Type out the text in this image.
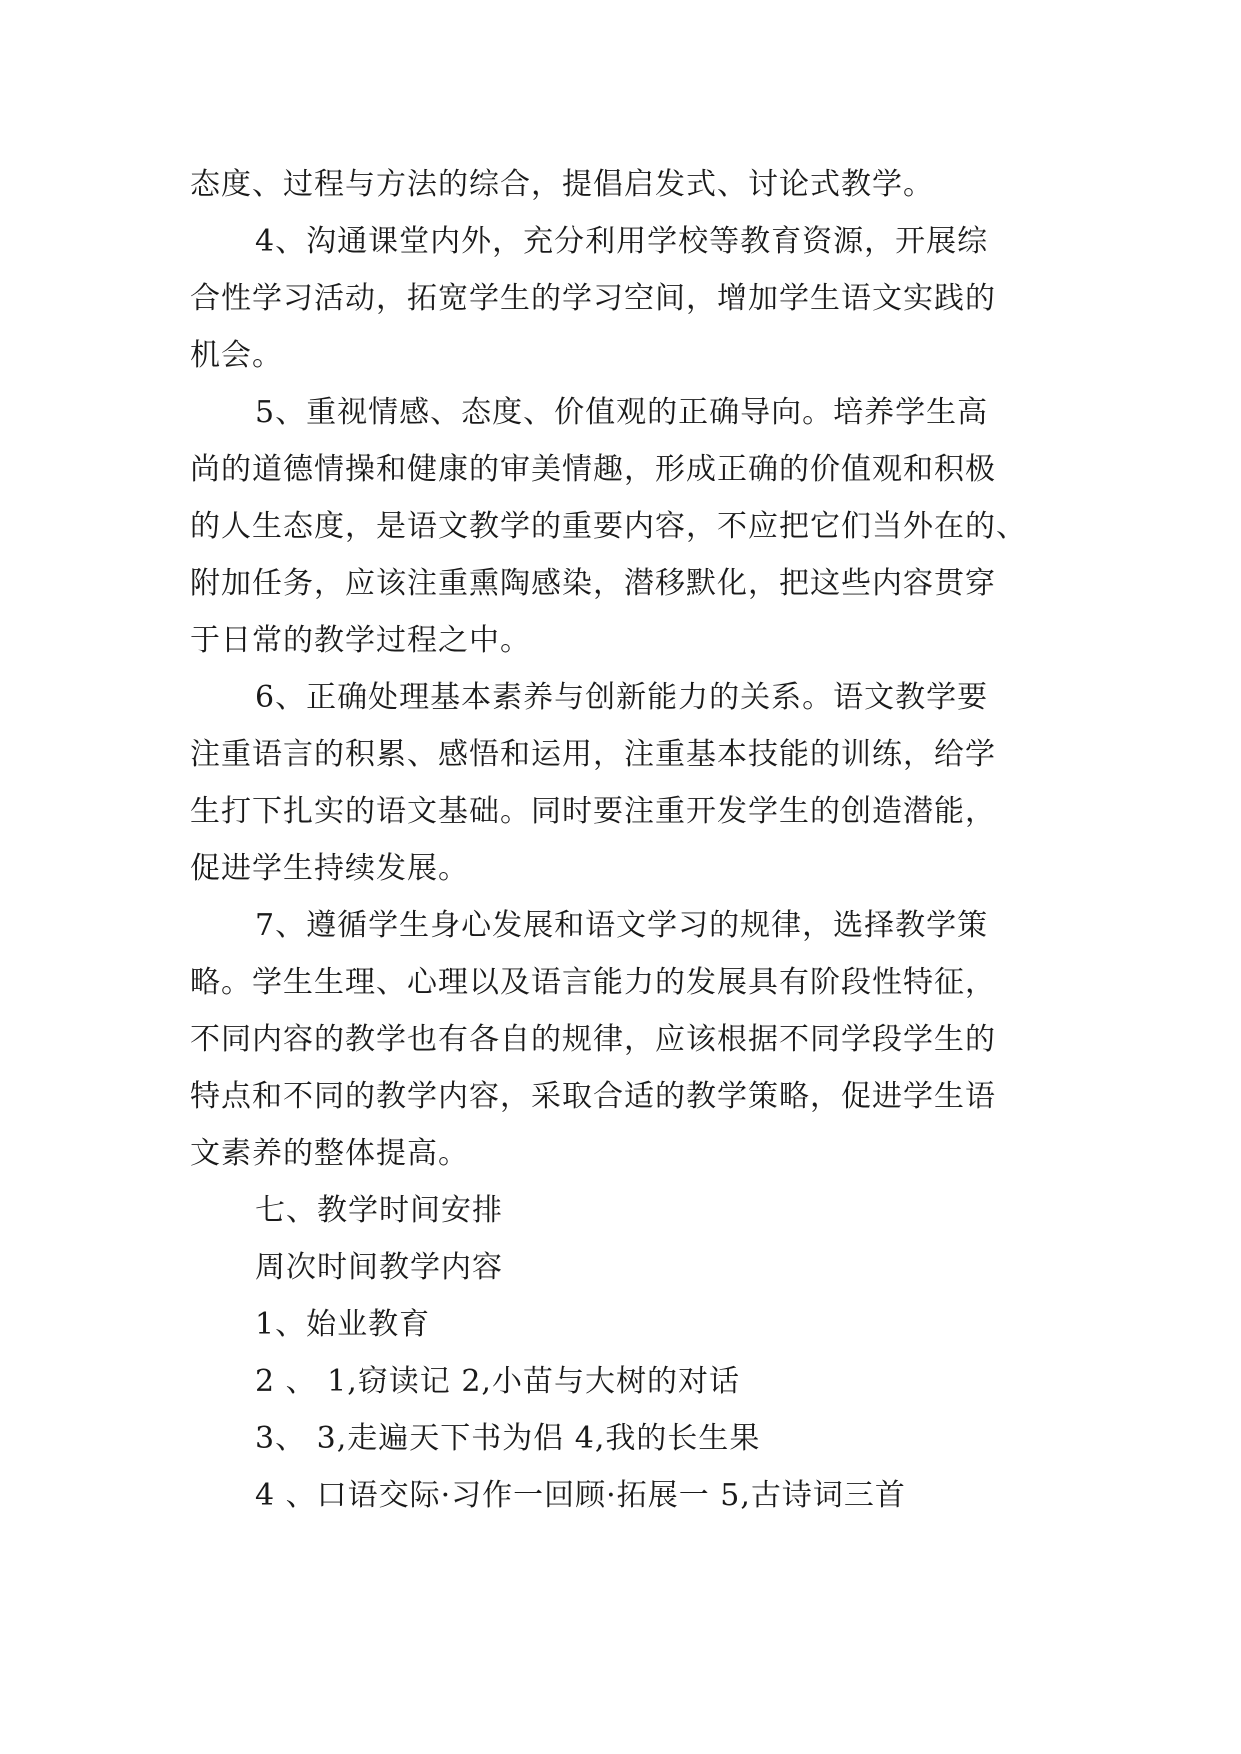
态度、过程与方法的综合，提倡启发式、讨论式教学。
4、沟通课堂内外，充分利用学校等教育资源，开展综
合性学习活动，拓宽学生的学习空间，增加学生语文实践的
机会。
5、重视情感、态度、价值观的正确导向。培养学生高
尚的道德情操和健康的审美情趣，形成正确的价值观和积极
的人生态度，是语文教学的重要内容，不应把它们当外在的、
附加任务，应该注重熏陶感染，潜移默化，把这些内容贯穿
于日常的教学过程之中。
6、正确处理基本素养与创新能力的关系。语文教学要
注重语言的积累、感悟和运用，注重基本技能的训练，给学
生打下扎实的语文基础。同时要注重开发学生的创造潜能，
促进学生持续发展。
7、遵循学生身心发展和语文学习的规律，选择教学策
略。学生生理、心理以及语言能力的发展具有阶段性特征，
不同内容的教学也有各自的规律，应该根据不同学段学生的
特点和不同的教学内容，采取合适的教学策略，促进学生语
文素养的整体提高。
七、教学时间安排
周次时间教学内容
1、始业教育
2 、 1,窃读记 2,小苗与大树的对话
3、 3,走遍天下书为侣 4,我的长生果
4 、口语交际·习作一回顾·拓展一 5,古诗词三首
